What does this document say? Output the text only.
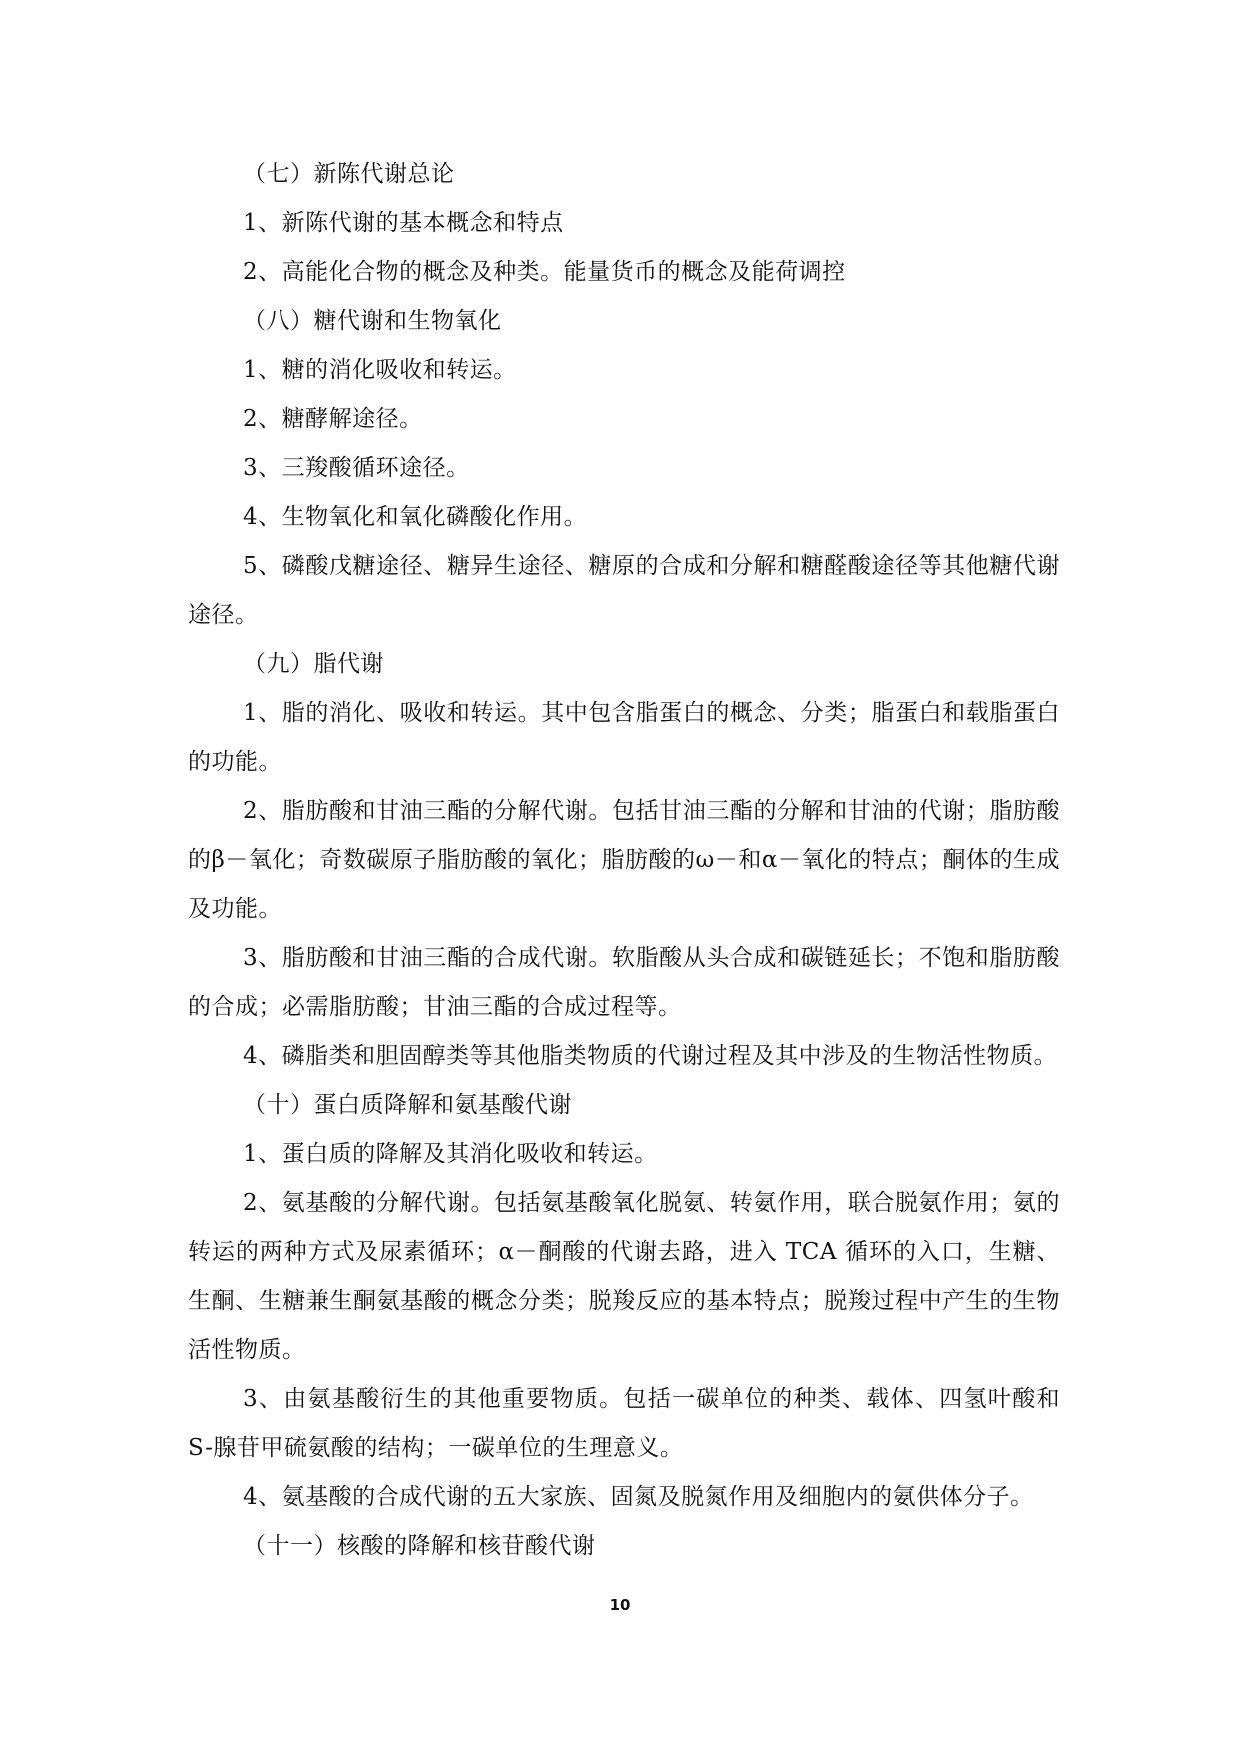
（七）新陈代谢总论
1、新陈代谢的基本概念和特点
2、高能化合物的概念及种类。能量货币的概念及能荷调控
（八）糖代谢和生物氧化
1、糖的消化吸收和转运。
2、糖酵解途径。
3、三羧酸循环途径。
4、生物氧化和氧化磷酸化作用。
5、磷酸戊糖途径、糖异生途径、糖原的合成和分解和糖醛酸途径等其他糖代谢途径。
（九）脂代谢
1、脂的消化、吸收和转运。其中包含脂蛋白的概念、分类；脂蛋白和载脂蛋白的功能。
2、脂肪酸和甘油三酯的分解代谢。包括甘油三酯的分解和甘油的代谢；脂肪酸的β－氧化；奇数碳原子脂肪酸的氧化；脂肪酸的ω－和α－氧化的特点；酮体的生成及功能。
3、脂肪酸和甘油三酯的合成代谢。软脂酸从头合成和碳链延长；不饱和脂肪酸的合成；必需脂肪酸；甘油三酯的合成过程等。
4、磷脂类和胆固醇类等其他脂类物质的代谢过程及其中涉及的生物活性物质。
（十）蛋白质降解和氨基酸代谢
1、蛋白质的降解及其消化吸收和转运。
2、氨基酸的分解代谢。包括氨基酸氧化脱氨、转氨作用，联合脱氨作用；氨的转运的两种方式及尿素循环；α－酮酸的代谢去路，进入 TCA 循环的入口，生糖、生酮、生糖兼生酮氨基酸的概念分类；脱羧反应的基本特点；脱羧过程中产生的生物活性物质。
3、由氨基酸衍生的其他重要物质。包括一碳单位的种类、载体、四氢叶酸和 S-腺苷甲硫氨酸的结构；一碳单位的生理意义。
4、氨基酸的合成代谢的五大家族、固氮及脱氮作用及细胞内的氨供体分子。
（十一）核酸的降解和核苷酸代谢
10
